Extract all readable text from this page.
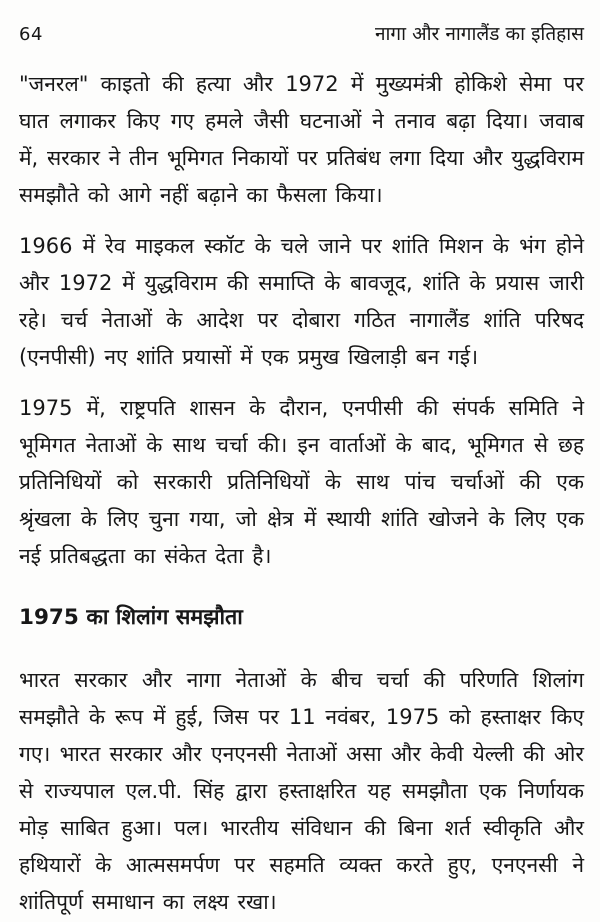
64	नागा और नागालैंड का इतिहास

"जनरल" काइतो की हत्या और 1972 में मुख्यमंत्री होकिशे सेमा पर घात लगाकर किए गए हमले जैसी घटनाओं ने तनाव बढ़ा दिया। जवाब में, सरकार ने तीन भूमिगत निकायों पर प्रतिबंध लगा दिया और युद्धविराम समझौते को आगे नहीं बढ़ाने का फैसला किया।

1966 में रेव माइकल स्कॉट के चले जाने पर शांति मिशन के भंग होने और 1972 में युद्धविराम की समाप्ति के बावजूद, शांति के प्रयास जारी रहे। चर्च नेताओं के आदेश पर दोबारा गठित नागालैंड शांति परिषद (एनपीसी) नए शांति प्रयासों में एक प्रमुख खिलाड़ी बन गई।

1975 में, राष्ट्रपति शासन के दौरान, एनपीसी की संपर्क समिति ने भूमिगत नेताओं के साथ चर्चा की। इन वार्ताओं के बाद, भूमिगत से छह प्रतिनिधियों को सरकारी प्रतिनिधियों के साथ पांच चर्चाओं की एक श्रृंखला के लिए चुना गया, जो क्षेत्र में स्थायी शांति खोजने के लिए एक नई प्रतिबद्धता का संकेत देता है।

1975 का शिलांग समझौता

भारत सरकार और नागा नेताओं के बीच चर्चा की परिणति शिलांग समझौते के रूप में हुई, जिस पर 11 नवंबर, 1975 को हस्ताक्षर किए गए। भारत सरकार और एनएनसी नेताओं असा और केवी येल्ली की ओर से राज्यपाल एल.पी. सिंह द्वारा हस्ताक्षरित यह समझौता एक निर्णायक मोड़ साबित हुआ। पल। भारतीय संविधान की बिना शर्त स्वीकृति और हथियारों के आत्मसमर्पण पर सहमति व्यक्त करते हुए, एनएनसी ने शांतिपूर्ण समाधान का लक्ष्य रखा।
